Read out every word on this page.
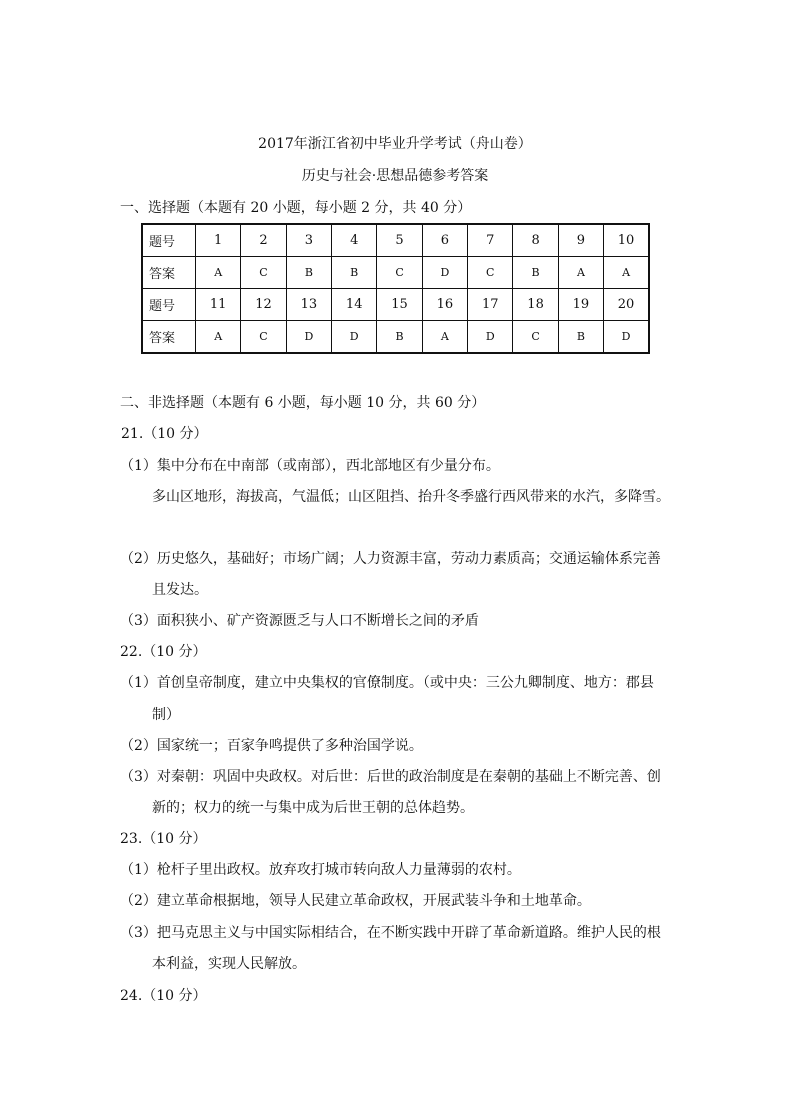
2017年浙江省初中毕业升学考试（舟山卷）
历史与社会·思想品德参考答案
一、选择题（本题有 20 小题，每小题 2 分，共 40 分）
题号	1	2	3	4	5	6	7	8	9	10
答案	A	C	B	B	C	D	C	B	A	A
题号	11	12	13	14	15	16	17	18	19	20
答案	A	C	D	D	B	A	D	C	B	D
二、非选择题（本题有 6 小题，每小题 10 分，共 60 分）
21.（10 分）
（1）集中分布在中南部（或南部），西北部地区有少量分布。
多山区地形，海拔高，气温低；山区阻挡、抬升冬季盛行西风带来的水汽，多降雪。
（2）历史悠久，基础好；市场广阔；人力资源丰富，劳动力素质高；交通运输体系完善
且发达。
（3）面积狭小、矿产资源匮乏与人口不断增长之间的矛盾
22.（10 分）
（1）首创皇帝制度，建立中央集权的官僚制度。（或中央：三公九卿制度、地方：郡县
制）
（2）国家统一；百家争鸣提供了多种治国学说。
（3）对秦朝：巩固中央政权。对后世：后世的政治制度是在秦朝的基础上不断完善、创
新的；权力的统一与集中成为后世王朝的总体趋势。
23.（10 分）
（1）枪杆子里出政权。放弃攻打城市转向敌人力量薄弱的农村。
（2）建立革命根据地，领导人民建立革命政权，开展武装斗争和土地革命。
（3）把马克思主义与中国实际相结合，在不断实践中开辟了革命新道路。维护人民的根
本利益，实现人民解放。
24.（10 分）
